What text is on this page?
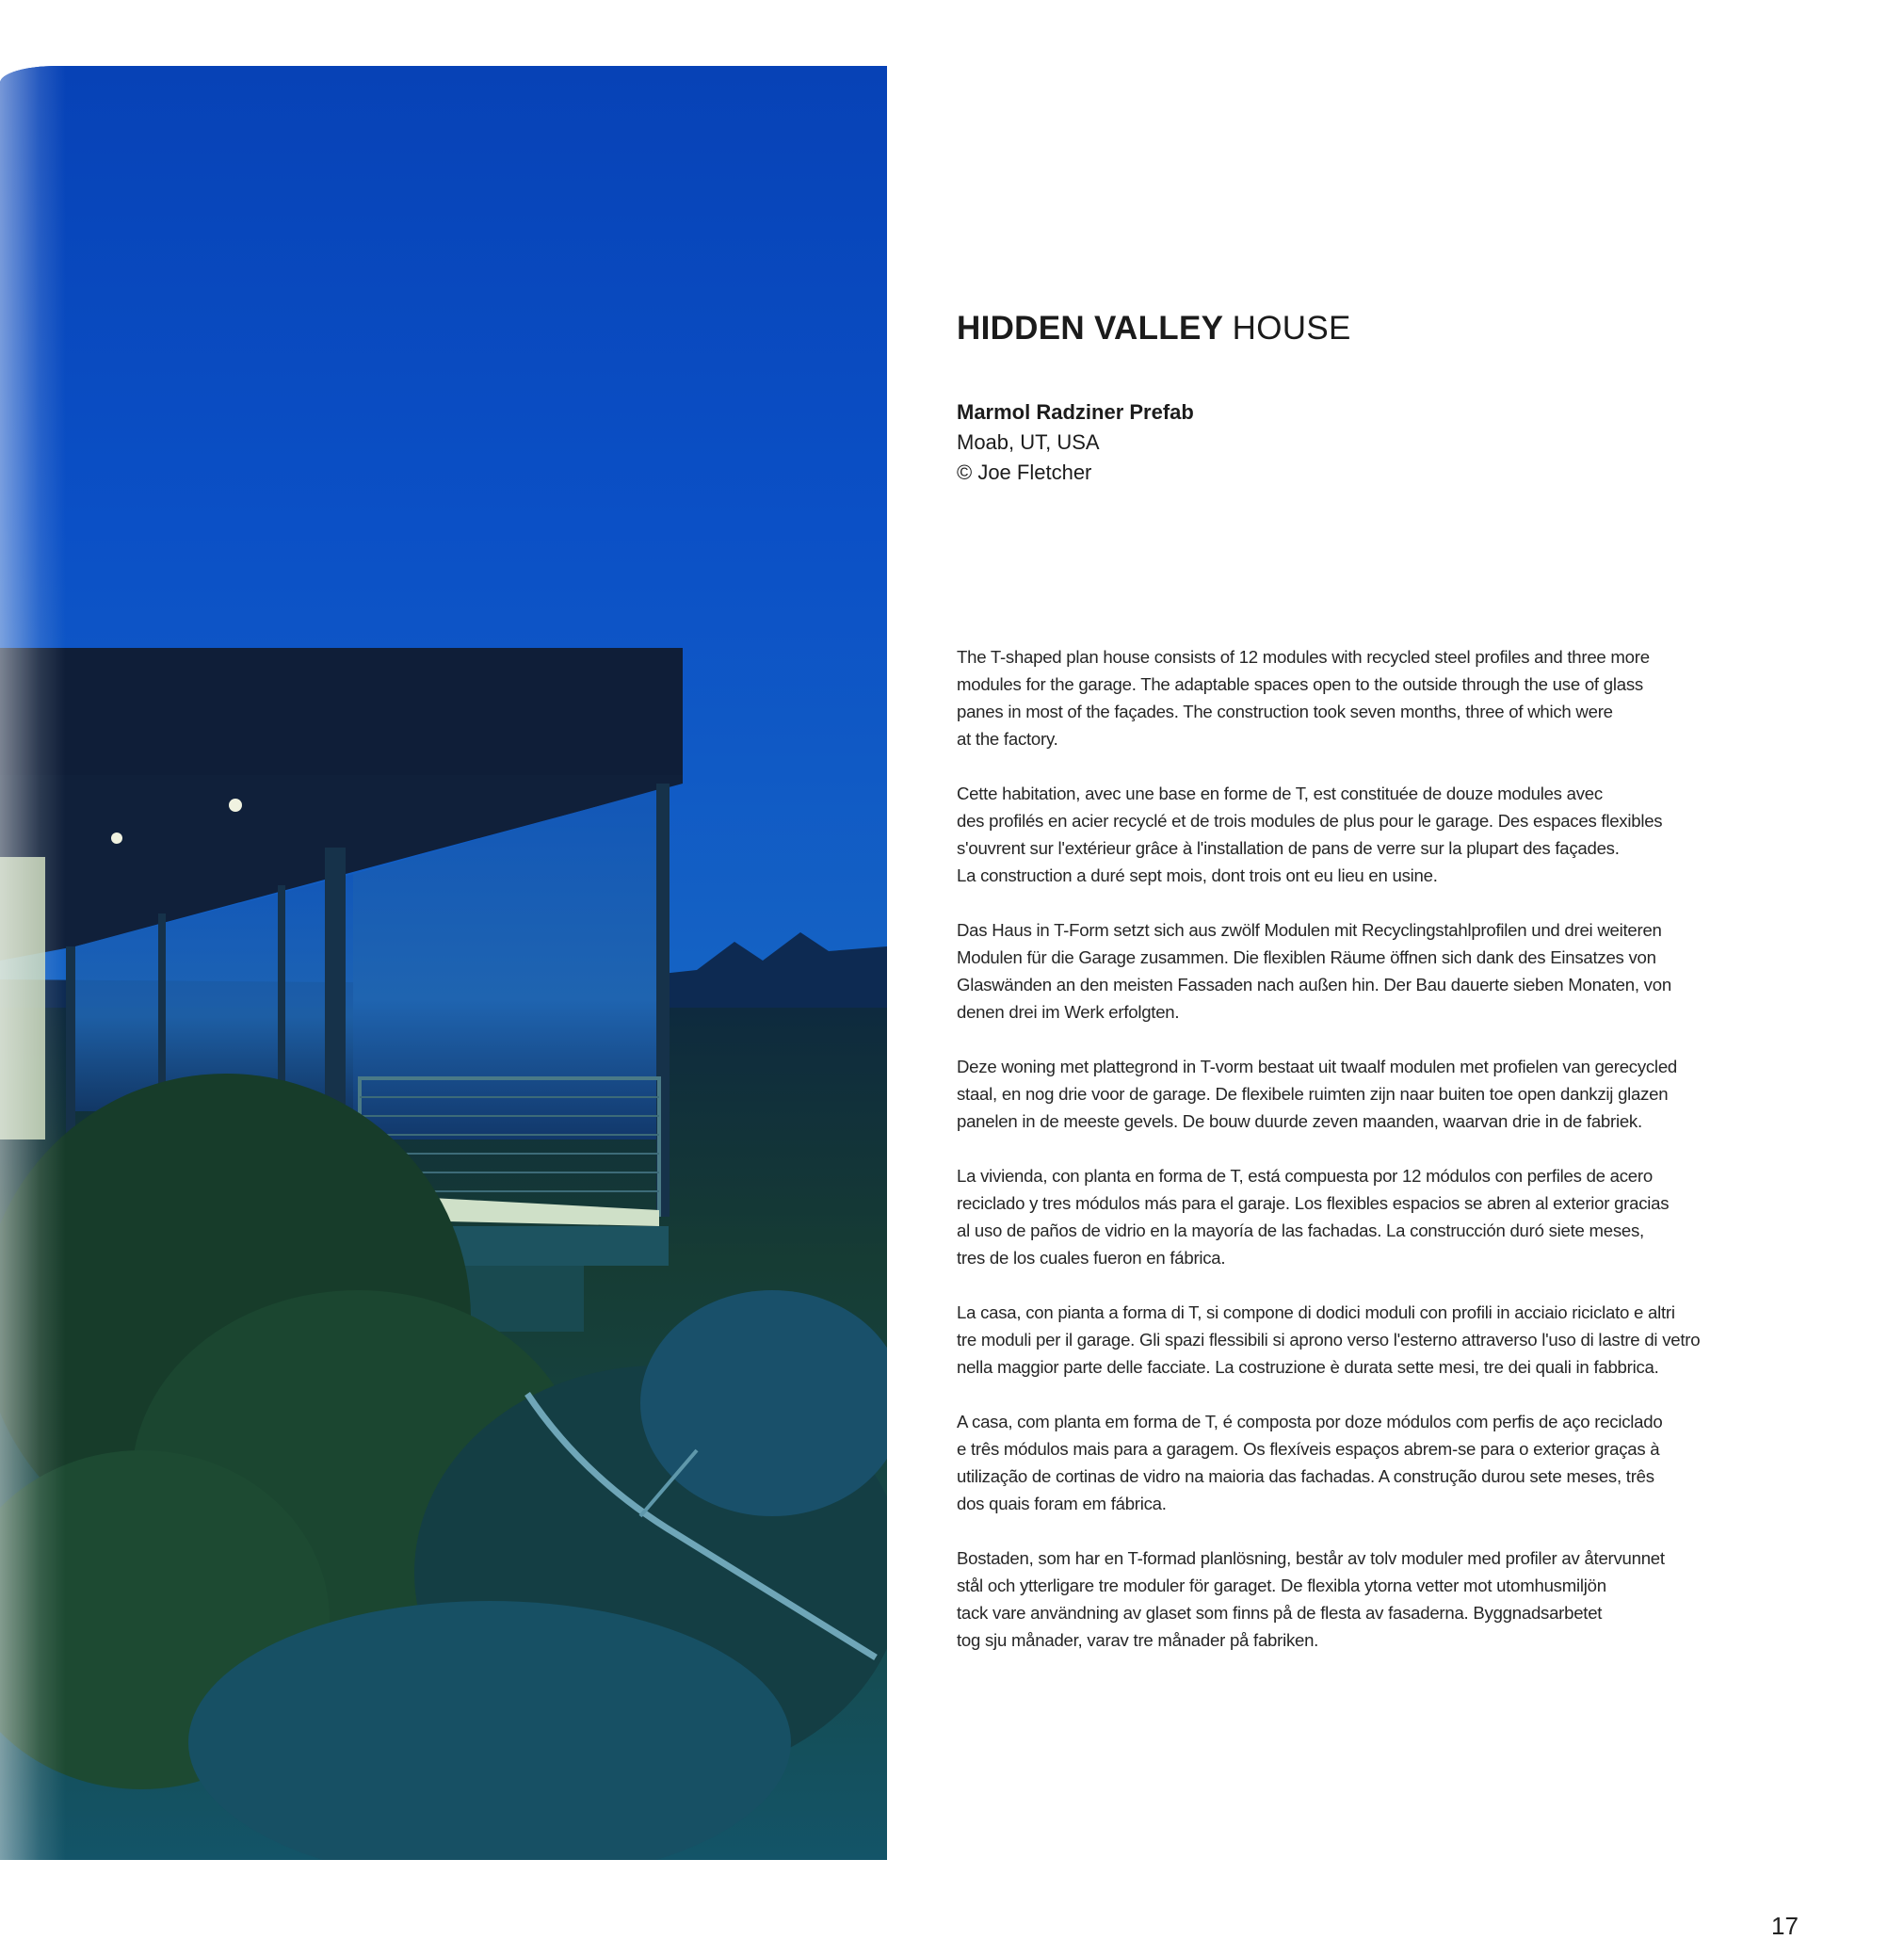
HIDDEN VALLEY HOUSE
Marmol Radziner Prefab
Moab, UT, USA
© Joe Fletcher

The T-shaped plan house consists of 12 modules with recycled steel profiles and three more
modules for the garage. The adaptable spaces open to the outside through the use of glass
panes in most of the façades. The construction took seven months, three of which were
at the factory.

Cette habitation, avec une base en forme de T, est constituée de douze modules avec
des profilés en acier recyclé et de trois modules de plus pour le garage. Des espaces flexibles
s'ouvrent sur l'extérieur grâce à l'installation de pans de verre sur la plupart des façades.
La construction a duré sept mois, dont trois ont eu lieu en usine.

Das Haus in T-Form setzt sich aus zwölf Modulen mit Recyclingstahlprofilen und drei weiteren
Modulen für die Garage zusammen. Die flexiblen Räume öffnen sich dank des Einsatzes von
Glaswänden an den meisten Fassaden nach außen hin. Der Bau dauerte sieben Monaten, von
denen drei im Werk erfolgten.

Deze woning met plattegrond in T-vorm bestaat uit twaalf modulen met profielen van gerecycled
staal, en nog drie voor de garage. De flexibele ruimten zijn naar buiten toe open dankzij glazen
panelen in de meeste gevels. De bouw duurde zeven maanden, waarvan drie in de fabriek.

La vivienda, con planta en forma de T, está compuesta por 12 módulos con perfiles de acero
reciclado y tres módulos más para el garaje. Los flexibles espacios se abren al exterior gracias
al uso de paños de vidrio en la mayoría de las fachadas. La construcción duró siete meses,
tres de los cuales fueron en fábrica.

La casa, con pianta a forma di T, si compone di dodici moduli con profili in acciaio riciclato e altri
tre moduli per il garage. Gli spazi flessibili si aprono verso l'esterno attraverso l'uso di lastre di vetro
nella maggior parte delle facciate. La costruzione è durata sette mesi, tre dei quali in fabbrica.

A casa, com planta em forma de T, é composta por doze módulos com perfis de aço reciclado
e três módulos mais para a garagem. Os flexíveis espaços abrem-se para o exterior graças à
utilização de cortinas de vidro na maioria das fachadas. A construção durou sete meses, três
dos quais foram em fábrica.

Bostaden, som har en T-formad planlösning, består av tolv moduler med profiler av återvunnet
stål och ytterligare tre moduler för garaget. De flexibla ytorna vetter mot utomhusmiljön
tack vare användning av glaset som finns på de flesta av fasaderna. Byggnadsarbetet
tog sju månader, varav tre månader på fabriken.

17
